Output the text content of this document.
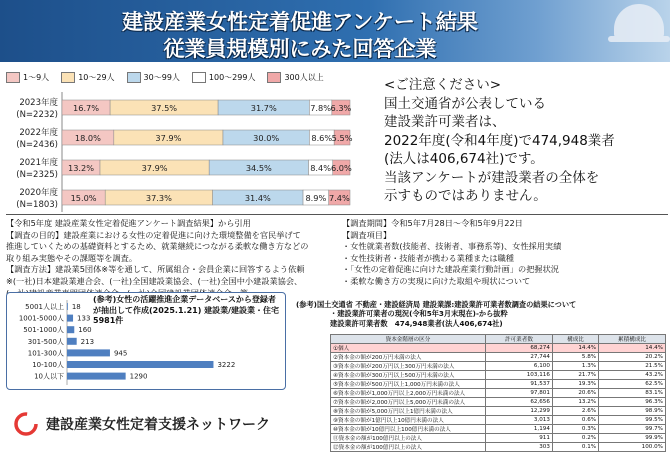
建設産業女性定着促進アンケート結果
従業員規模別にみた回答企業
1～9人	10～29人	30～99人	100～299人	300人以上
2023年度
(N=2232)
16.7%	37.5%	31.7%	7.8% 6.3%
2022年度
(N=2436)
18.0%	37.9%	30.0%	8.6% 5.5%
2021年度
(N=2325)
13.2%	37.9%	34.5%	8.4% 6.0%
2020年度
(N=1803)
15.0%	37.3%	31.4%	8.9% 7.4%
<ご注意ください>
国土交通省が公表している
建設業許可業者は、
2022年度(令和4年度)で474,948業者
(法人は406,674社)です。
当該アンケートが建設業者の全体を
示すものではありません。
【令和5年度 建設産業女性定着促進アンケート調査結果】から引用
【調査の目的】建設産業における女性の定着促進に向けた環境整備を官民挙げて
推進していくための基礎資料とするため、就業継続につながる柔軟な働き方などの
取り組み実態やその課題等を調査。
【調査方法】建設業5団体※等を通して、所属組合・会員企業に回答するよう依頼
※(一社)日本建設業連合会、(一社)全国建設業協会、(一社)全国中小建設業協会、
【調査期間】令和5年7月28日～令和5年9月22日
【調査項目】
・女性就業者数(技能者、技術者、事務系等)、女性採用実績
・女性技術者・技能者が携わる業種または職種
・「女性の定着促進に向けた建設産業行動計画」の把握状況
・柔軟な働き方の実現に向けた取組や現状について
5001人以上 18
1001-5000人 133
501-1000人 160
301-500人 213
101-300人	945
10-100人	3222
10人以下	1290
(参考)女性の活躍推進企業データベースから登録者が抽出して作成(2025.1.21) 建設業/建設業・住宅　5981件
(参考)国土交通省 不動産・建設経済局 建設業課:建設業許可業者数調査の結果について
・建設業許可業者の現況(令和5年3月末現在)-から抜粋
建設業許可業者数　474,948業者(法人406,674社)
資本金階層の区分	許可業者数	構成比	累積構成比
①個人	68,274	14.4%	14.4%
②資本金の額が200万円未満の法人	27,744	5.8%	20.2%
③資本金の額が200万円以上300万円未満の法人	6,100	1.3%	21.5%
④資本金の額が300万円以上500万円未満の法人	103,116	21.7%	43.2%
⑤資本金の額が500万円以上1,000万円未満の法人	91,537	19.3%	62.5%
⑥資本金の額が1,000万円以上2,000万円未満の法人	97,801	20.6%	83.1%
⑦資本金の額が2,000万円以上5,000万円未満の法人	62,656	13.2%	96.3%
⑧資本金の額が5,000万円以上1億円未満の法人	12,299	2.6%	98.9%
⑨資本金の額が1億円以上10億円未満の法人	3,013	0.6%	99.5%
⑩資本金の額が10億円以上100億円未満の法人	1,194	0.3%	99.7%
⑪資本金の額が100億円以上の法人	911	0.2%	99.9%
⑫資本金の額が100億円以上の法人	303	0.1%	100.0%
建設産業女性定着支援ネットワーク
